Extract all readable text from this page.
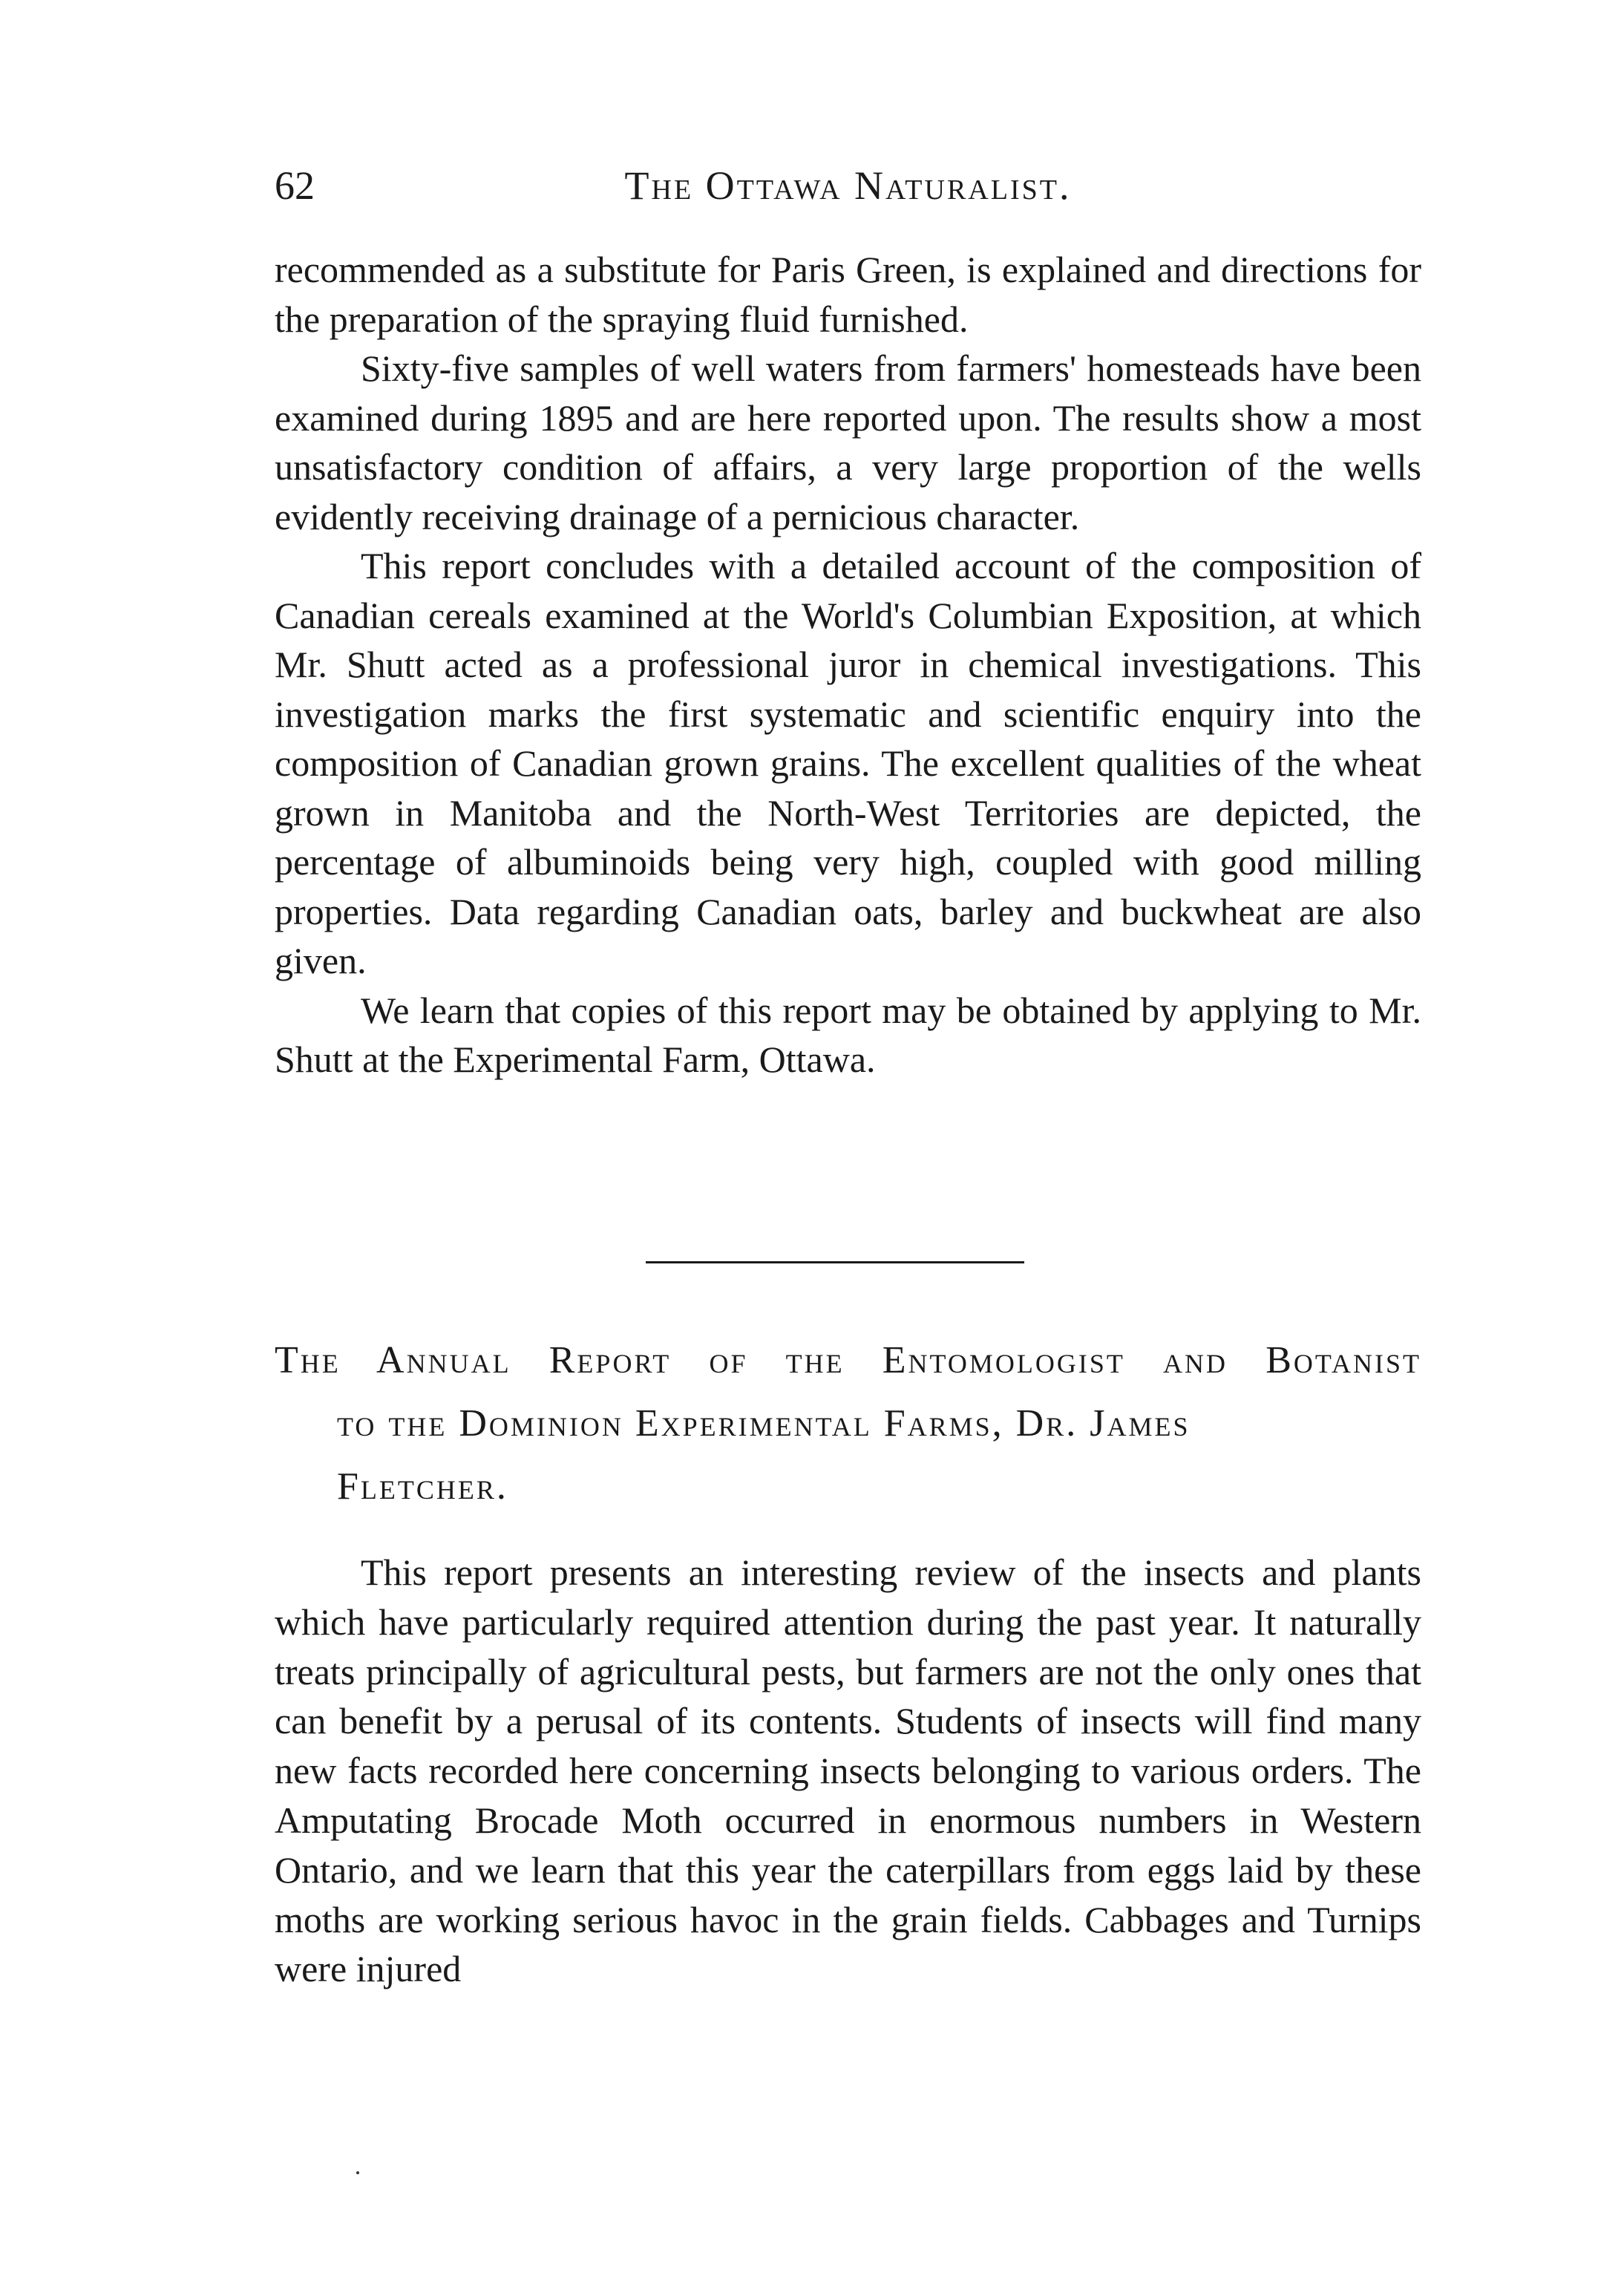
62	The Ottawa Naturalist.

recommended as a substitute for Paris Green, is explained and directions for the preparation of the spraying fluid furnished.

Sixty-five samples of well waters from farmers' homesteads have been examined during 1895 and are here reported upon. The results show a most unsatisfactory condition of affairs, a very large proportion of the wells evidently receiving drainage of a pernicious character.

This report concludes with a detailed account of the composition of Canadian cereals examined at the World's Columbian Exposition, at which Mr. Shutt acted as a professional juror in chemical investigations. This investigation marks the first systematic and scientific enquiry into the composition of Canadian grown grains. The excellent qualities of the wheat grown in Manitoba and the North-West Territories are depicted, the percentage of albuminoids being very high, coupled with good milling properties. Data regarding Canadian oats, barley and buckwheat are also given.

We learn that copies of this report may be obtained by applying to Mr. Shutt at the Experimental Farm, Ottawa.

The Annual Report of the Entomologist and Botanist
to the Dominion Experimental Farms, Dr. James
Fletcher.

This report presents an interesting review of the insects and plants which have particularly required attention during the past year. It naturally treats principally of agricultural pests, but farmers are not the only ones that can benefit by a perusal of its contents. Students of insects will find many new facts recorded here concerning insects belonging to various orders. The Amputating Brocade Moth occurred in enormous numbers in Western Ontario, and we learn that this year the caterpillars from eggs laid by these moths are working serious havoc in the grain fields. Cabbages and Turnips were injured
